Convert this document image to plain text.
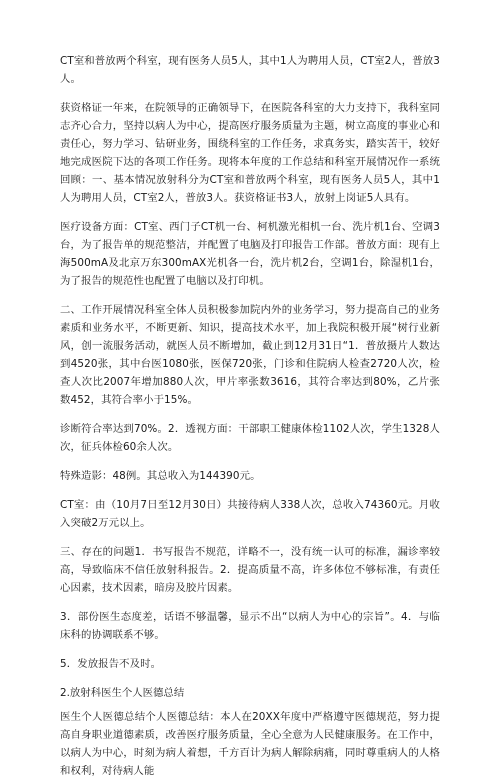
CT室和普放两个科室，现有医务人员5人，其中1人为聘用人员，CT室2人，普放3人。

获资格证一年来，在院领导的正确领导下，在医院各科室的大力支持下，我科室同志齐心合力，坚持以病人为中心，提高医疗服务质量为主题，树立高度的事业心和责任心，努力学习、钻研业务，围绕科室的工作任务，求真务实，踏实苦干，较好地完成医院下达的各项工作任务。现将本年度的工作总结和科室开展情况作一系统回顾：一、基本情况放射科分为CT室和普放两个科室，现有医务人员5人，其中1人为聘用人员，CT室2人，普放3人。获资格证书3人，放射上岗证5人具有。

医疗设备方面：CT室、西门子CT机一台、柯机激光相机一台、洗片机1台、空调3台，为了报告单的规范整洁，并配置了电脑及打印报告工作部。普放方面：现有上海500mA及北京万东300mAX光机各一台，洗片机2台，空调1台，除湿机1台，为了报告的规范性也配置了电脑以及打印机。

二、工作开展情况科室全体人员积极参加院内外的业务学习，努力提高自己的业务素质和业务水平，不断更新、知识，提高技术水平，加上我院积极开展“树行业新风，创一流服务活动，就医人员不断增加，截止到12月31日“1．普放摄片人数达到4520张，其中台医1080张，医保720张，门诊和住院病人检查2720人次，检查人次比2007年增加880人次，甲片率张数3616，其符合率达到80%，乙片张数452，其符合率小于15%。

诊断符合率达到70%。2．透视方面：干部职工健康体检1102人次，学生1328人次，征兵体检60余人次。

特殊造影：48例。其总收入为144390元。

CT室：由（10月7日至12月30日）共接待病人338人次，总收入74360元。月收入突破2万元以上。

三、存在的问题1．书写报告不规范，详略不一，没有统一认可的标准，漏诊率较高，导致临床不信任放射科报告。2．提高质量不高，许多体位不够标准，有责任心因素，技术因素，暗房及胶片因素。

3．部份医生态度差，话语不够温馨，显示不出“以病人为中心的宗旨”。4．与临床科的协调联系不够。

5．发放报告不及时。

2.放射科医生个人医德总结

医生个人医德总结个人医德总结：本人在20XX年度中严格遵守医德规范，努力提高自身职业道德素质，改善医疗服务质量，全心全意为人民健康服务。在工作中，以病人为中心，时刻为病人着想，千方百计为病人解除病痛，同时尊重病人的人格和权利，对待病人能
